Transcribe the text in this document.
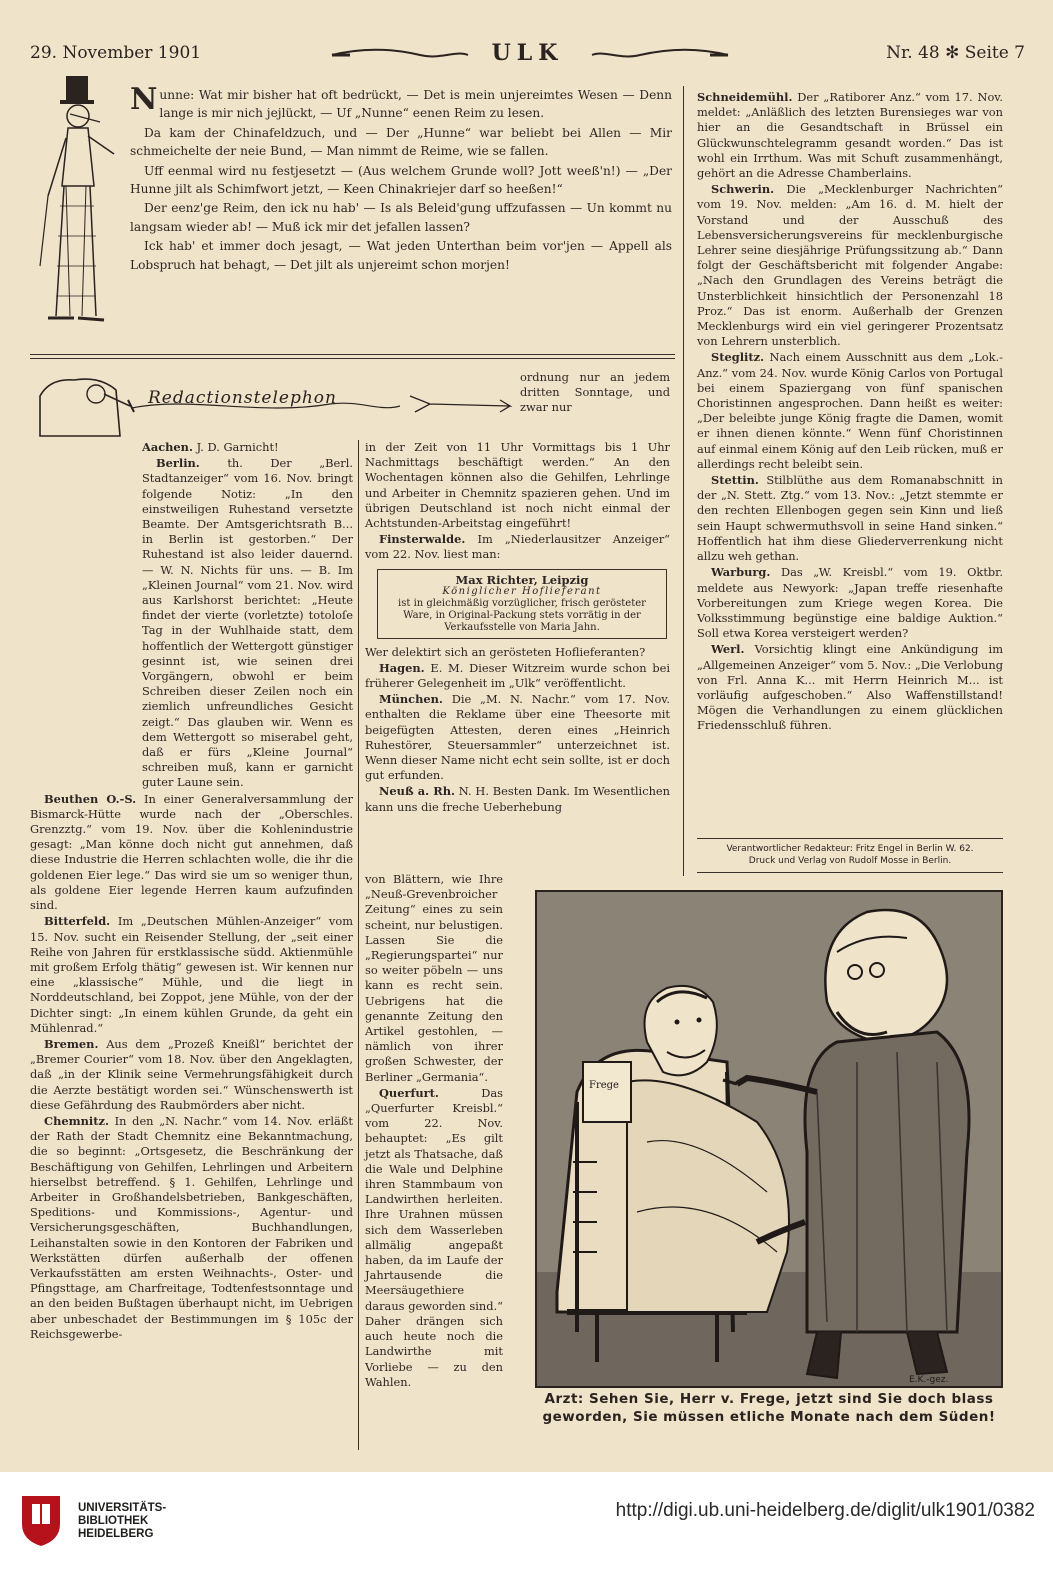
29. November 1901	ULK	Nr. 48 ✻ Seite 7

Nunne: Wat mir bisher hat oft bedrückt, — Det is mein unjereimtes Wesen — Denn lange is mir nich jejlückt, — Uf „Nunne“ eenen Reim zu lesen.

Da kam der Chinafeldzuch, und — Der „Hunne“ war beliebt bei Allen — Mir schmeichelte der neie Bund, — Man nimmt de Reime, wie se fallen.

Uff eenmal wird nu festjesetzt — (Aus welchem Grunde woll? Jott weeß'n!) — „Der Hunne jilt als Schimfwort jetzt, — Keen Chinakriejer darf so heeßen!“

Der eenz'ge Reim, den ick nu hab' — Is als Beleid'gung uffzufassen — Un kommt nu langsam wieder ab! — Muß ick mir det jefallen lassen?

Ick hab' et immer doch jesagt, — Wat jeden Unterthan beim vor'jen — Appell als Lobspruch hat behagt, — Det jilt als unjereimt schon morjen!

Redactionstelephon

ordnung nur an jedem dritten Sonntage, und zwar nur

Aachen. J. D. Garnicht!

Berlin. th. Der „Berl. Stadtanzeiger“ vom 16. Nov. bringt folgende Notiz: „In den einstweiligen Ruhestand versetzte Beamte. Der Amtsgerichtsrath B... in Berlin ist gestorben.“ Der Ruhestand ist also leider dauernd. — W. N. Nichts für uns. — B. Im „Kleinen Journal“ vom 21. Nov. wird aus Karlshorst berichtet: „Heute findet der vierte (vorletzte) totoloſe Tag in der Wuhlhaide statt, dem hoffentlich der Wettergott günstiger gesinnt ist, wie seinen drei Vorgängern, obwohl er beim Schreiben dieser Zeilen noch ein ziemlich unfreundliches Gesicht zeigt.“ Das glauben wir. Wenn es dem Wettergott so miserabel geht, daß er fürs „Kleine Journal“ schreiben muß, kann er garnicht guter Laune sein.

Beuthen O.-S. In einer Generalversammlung der Bismarck-Hütte wurde nach der „Oberschles. Grenzztg.“ vom 19. Nov. über die Kohlenindustrie gesagt: „Man könne doch nicht gut annehmen, daß diese Industrie die Herren schlachten wolle, die ihr die goldenen Eier lege.“ Das wird sie um so weniger thun, als goldene Eier legende Herren kaum aufzufinden sind.

Bitterfeld. Im „Deutschen Mühlen-Anzeiger“ vom 15. Nov. sucht ein Reisender Stellung, der „seit einer Reihe von Jahren für erstklassische südd. Aktienmühle mit großem Erfolg thätig“ gewesen ist. Wir kennen nur eine „klassische“ Mühle, und die liegt in Norddeutschland, bei Zoppot, jene Mühle, von der der Dichter singt: „In einem kühlen Grunde, da geht ein Mühlenrad.“

Bremen. Aus dem „Prozeß Kneißl“ berichtet der „Bremer Courier“ vom 18. Nov. über den Angeklagten, daß „in der Klinik seine Vermehrungsfähigkeit durch die Aerzte bestätigt worden sei.“ Wünschenswerth ist diese Gefährdung des Raubmörders aber nicht.

Chemnitz. In den „N. Nachr.“ vom 14. Nov. erläßt der Rath der Stadt Chemnitz eine Bekanntmachung, die so beginnt: „Ortsgesetz, die Beschränkung der Beschäftigung von Gehilfen, Lehrlingen und Arbeitern hierselbst betreffend. § 1. Gehilfen, Lehrlinge und Arbeiter in Großhandelsbetrieben, Bankgeschäften, Speditions- und Kommissions-, Agentur- und Versicherungsgeschäften, Buchhandlungen, Leihanstalten sowie in den Kontoren der Fabriken und Werkstätten dürfen außerhalb der offenen Verkaufsstätten am ersten Weihnachts-, Oster- und Pfingsttage, am Charfreitage, Todtenfestsonntage und an den beiden Bußtagen überhaupt nicht, im Uebrigen aber unbeschadet der Bestimmungen im § 105c der Reichsgewerbe-

in der Zeit von 11 Uhr Vormittags bis 1 Uhr Nachmittags beschäftigt werden.“ An den Wochentagen können also die Gehilfen, Lehrlinge und Arbeiter in Chemnitz spazieren gehen. Und im übrigen Deutschland ist noch nicht einmal der Achtstunden-Arbeitstag eingeführt!

Finsterwalde. Im „Niederlausitzer Anzeiger“ vom 22. Nov. liest man:

Max Richter, Leipzig
Königlicher Hoflieferant
ist in gleichmäßig vorzüglicher, frisch gerösteter Ware, in Original-Packung stets vorrätig in der Verkaufsstelle von Maria Jahn.

Wer delektirt sich an gerösteten Hoflieferanten?

Hagen. E. M. Dieser Witzreim wurde schon bei früherer Gelegenheit im „Ulk“ veröffentlicht.

München. Die „M. N. Nachr.“ vom 17. Nov. enthalten die Reklame über eine Theesorte mit beigefügten Attesten, deren eines „Heinrich Ruhestörer, Steuersammler“ unterzeichnet ist. Wenn dieser Name nicht echt sein sollte, ist er doch gut erfunden.

Neuß a. Rh. N. H. Besten Dank. Im Wesentlichen kann uns die freche Ueberhebung

von Blättern, wie Ihre „Neuß-Grevenbroicher Zeitung“ eines zu sein scheint, nur belustigen. Lassen Sie die „Regierungspartei“ nur so weiter pöbeln — uns kann es recht sein. Uebrigens hat die genannte Zeitung den Artikel gestohlen, — nämlich von ihrer großen Schwester, der Berliner „Germania“.

Querfurt.	Das „Querfurter Kreisbl.“ vom 22. Nov. behauptet: „Es gilt jetzt als Thatsache, daß die Wale und Delphine ihren Stammbaum von Landwirthen herleiten. Ihre Urahnen müssen sich dem Wasserleben allmälig angepaßt haben, da im Laufe der Jahrtausende die Meersäugethiere daraus geworden sind.“ Daher drängen sich auch heute noch die Landwirthe mit Vorliebe — zu den Wahlen.

Schneidemühl. Der „Ratiborer Anz.“ vom 17. Nov. meldet: „Anläßlich des letzten Burensieges war von hier an die Gesandtschaft in Brüssel ein Glückwunschtelegramm gesandt worden.“ Das ist wohl ein Irrthum. Was mit Schuft zusammenhängt, gehört an die Adresse Chamberlains.

Schwerin. Die „Mecklenburger Nachrichten“ vom 19. Nov. melden: „Am 16. d. M. hielt der Vorstand und der Ausschuß des Lebensversicherungsvereins für mecklenburgische Lehrer seine diesjährige Prüfungssitzung ab.“ Dann folgt der Geschäftsbericht mit folgender Angabe: „Nach den Grundlagen des Vereins beträgt die Unsterblichkeit hinsichtlich der Personenzahl 18 Proz.“ Das ist enorm. Außerhalb der Grenzen Mecklenburgs wird ein viel geringerer Prozentsatz von Lehrern unsterblich.

Steglitz. Nach einem Ausschnitt aus dem „Lok.-Anz.“ vom 24. Nov. wurde König Carlos von Portugal bei einem Spaziergang von fünf spanischen Choristinnen angesprochen. Dann heißt es weiter: „Der beleibte junge König fragte die Damen, womit er ihnen dienen könnte.“ Wenn fünf Choristinnen auf einmal einem König auf den Leib rücken, muß er allerdings recht beleibt sein.

Stettin. Stilblüthe aus dem Romanabschnitt in der „N. Stett. Ztg.“ vom 13. Nov.: „Jetzt stemmte er den rechten Ellenbogen gegen sein Kinn und ließ sein Haupt schwermuthsvoll in seine Hand sinken.“ Hoffentlich hat ihm diese Gliederverrenkung nicht allzu weh gethan.

Warburg. Das „W. Kreisbl.“ vom 19. Oktbr. meldete aus Newyork: „Japan treffe riesenhafte Vorbereitungen zum Kriege wegen Korea. Die Volksstimmung begünstige eine baldige Auktion.“ Soll etwa Korea versteigert werden?

Werl. Vorsichtig klingt eine Ankündigung im „Allgemeinen Anzeiger“ vom 5. Nov.: „Die Verlobung von Frl. Anna K... mit Herrn Heinrich M... ist vorläufig aufgeschoben.“ Also Waffenstillstand! Mögen die Verhandlungen zu einem glücklichen Friedensschluß führen.

Verantwortlicher Redakteur: Fritz Engel in Berlin W. 62.
Druck und Verlag von Rudolf Mosse in Berlin.
Frege
E.K.-gez.
Arzt: Sehen Sie, Herr v. Frege, jetzt sind Sie doch blass geworden, Sie müssen etliche Monate nach dem Süden!
UNIVERSITÄTS-
BIBLIOTHEK
HEIDELBERG
http://digi.ub.uni-heidelberg.de/diglit/ulk1901/0382
